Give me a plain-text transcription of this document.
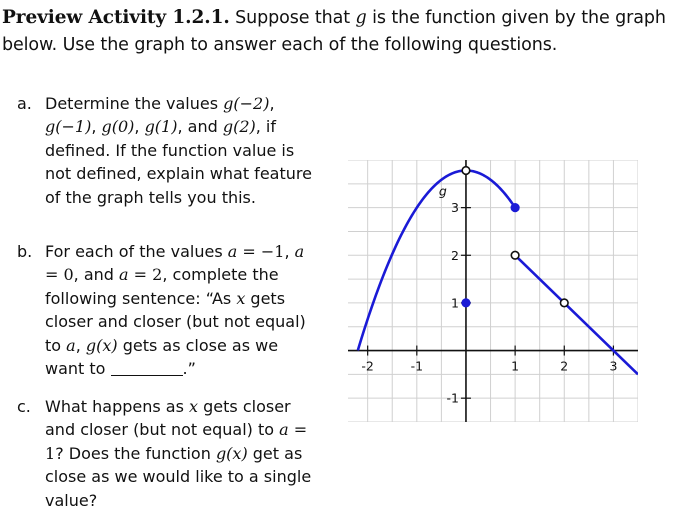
Preview Activity 1.2.1. Suppose that g is the function given by the graph below. Use the graph to answer each of the following questions.
a. Determine the values g(−2), g(−1), g(0), g(1), and g(2), if defined. If the function value is not defined, explain what feature of the graph tells you this.
b. For each of the values a = −1, a = 0, and a = 2, complete the following sentence: “As x gets closer and closer (but not equal) to a, g(x) gets as close as we want to	.”
c. What happens as x gets closer and closer (but not equal) to a = 1? Does the function g(x) get as close as we would like to a single value?
-2	-1	1	2	3
3
2
1
-1
g
